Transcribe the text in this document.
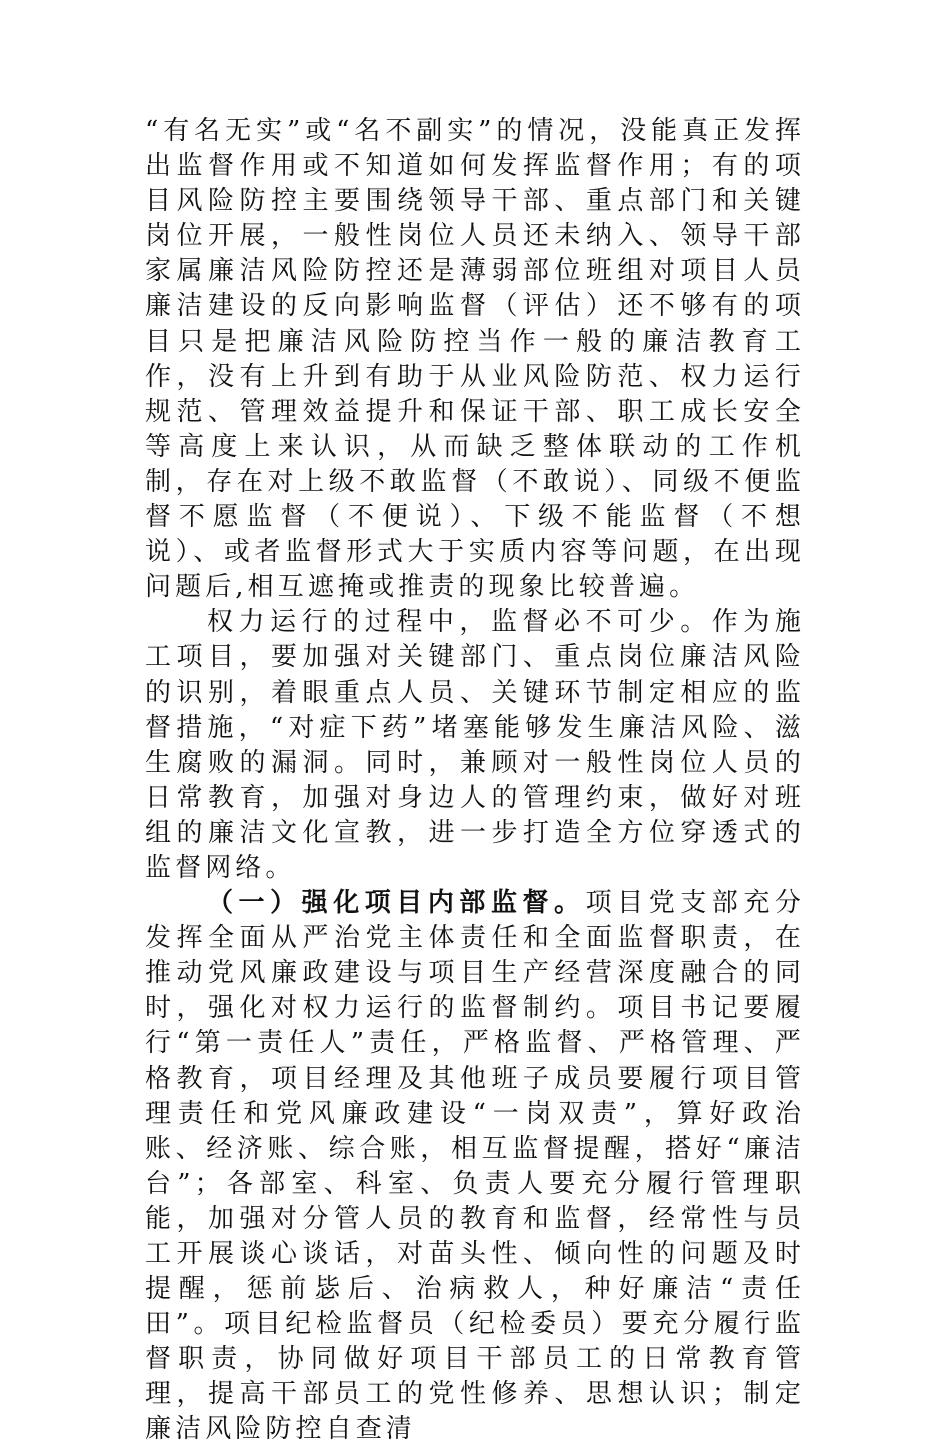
“有名无实”或“名不副实”的情况，没能真正发挥出监督作用或不知道如何发挥监督作用；有的项目风险防控主要围绕领导干部、重点部门和关键岗位开展，一般性岗位人员还未纳入、领导干部家属廉洁风险防控还是薄弱部位班组对项目人员廉洁建设的反向影响监督（评估）还不够有的项目只是把廉洁风险防控当作一般的廉洁教育工作，没有上升到有助于从业风险防范、权力运行规范、管理效益提升和保证干部、职工成长安全等高度上来认识，从而缺乏整体联动的工作机制，存在对上级不敢监督（不敢说）、同级不便监督不愿监督（不便说）、下级不能监督（不想说）、或者监督形式大于实质内容等问题，在出现问题后,相互遮掩或推责的现象比较普遍。

权力运行的过程中，监督必不可少。作为施工项目，要加强对关键部门、重点岗位廉洁风险的识别，着眼重点人员、关键环节制定相应的监督措施，“对症下药”堵塞能够发生廉洁风险、滋生腐败的漏洞。同时，兼顾对一般性岗位人员的日常教育，加强对身边人的管理约束，做好对班组的廉洁文化宣教，进一步打造全方位穿透式的监督网络。

（一）强化项目内部监督。项目党支部充分发挥全面从严治党主体责任和全面监督职责，在推动党风廉政建设与项目生产经营深度融合的同时，强化对权力运行的监督制约。项目书记要履行“第一责任人”责任，严格监督、严格管理、严格教育，项目经理及其他班子成员要履行项目管理责任和党风廉政建设“一岗双责”，算好政治账、经济账、综合账，相互监督提醒，搭好“廉洁台”；各部室、科室、负责人要充分履行管理职能，加强对分管人员的教育和监督，经常性与员工开展谈心谈话，对苗头性、倾向性的问题及时提醒，惩前毖后、治病救人，种好廉洁“责任田”。项目纪检监督员（纪检委员）要充分履行监督职责，协同做好项目干部员工的日常教育管理，提高干部员工的党性修养、思想认识；制定廉洁风险防控自查清
